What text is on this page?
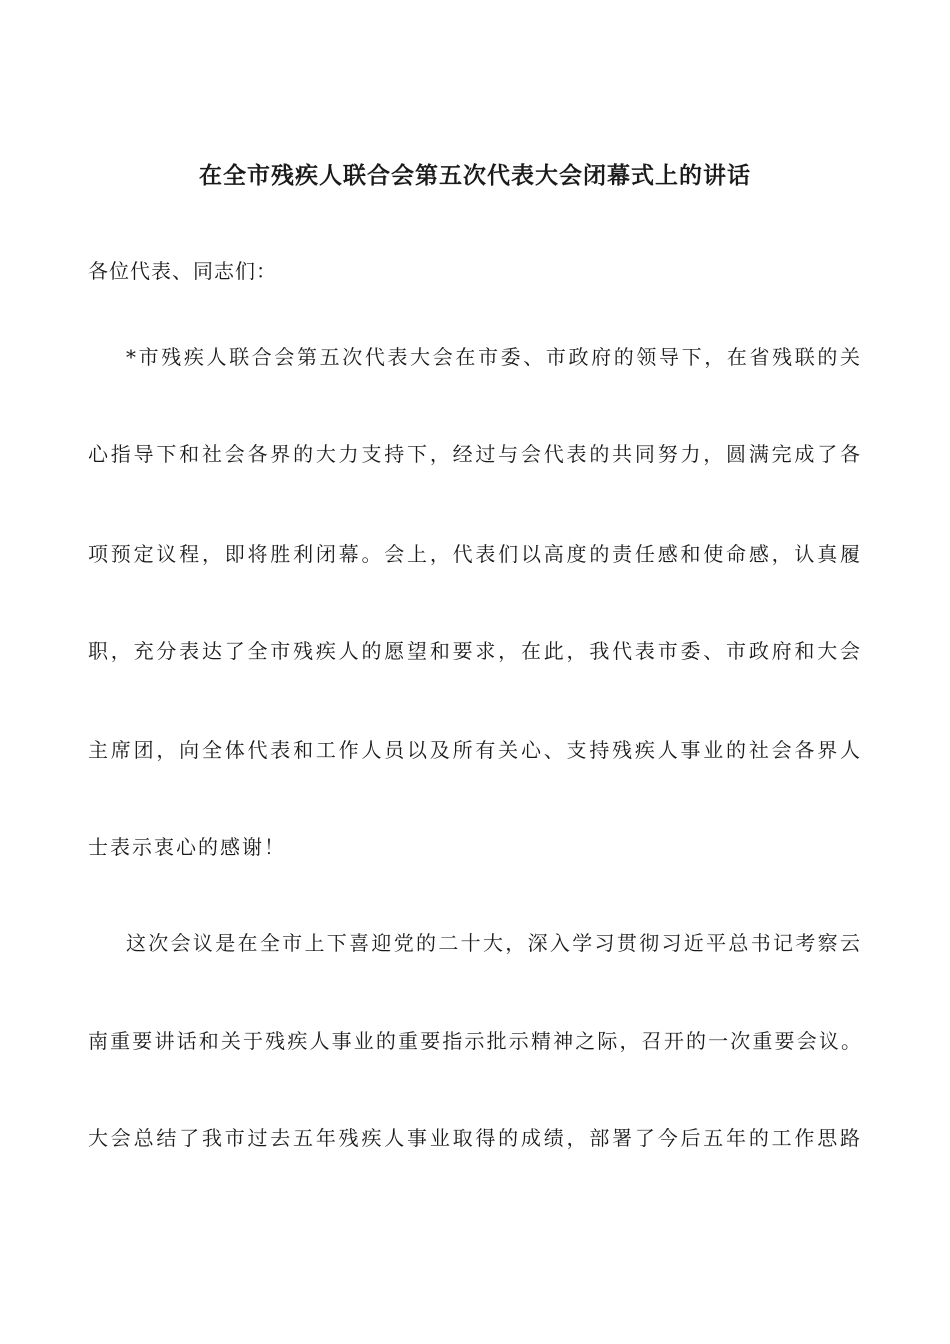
在全市残疾人联合会第五次代表大会闭幕式上的讲话
各位代表、同志们：
*市残疾人联合会第五次代表大会在市委、市政府的领导下，在省残联的关
心指导下和社会各界的大力支持下，经过与会代表的共同努力，圆满完成了各
项预定议程，即将胜利闭幕。会上，代表们以高度的责任感和使命感，认真履
职，充分表达了全市残疾人的愿望和要求，在此，我代表市委、市政府和大会
主席团，向全体代表和工作人员以及所有关心、支持残疾人事业的社会各界人
士表示衷心的感谢！
这次会议是在全市上下喜迎党的二十大，深入学习贯彻习近平总书记考察云
南重要讲话和关于残疾人事业的重要指示批示精神之际，召开的一次重要会议。
大会总结了我市过去五年残疾人事业取得的成绩，部署了今后五年的工作思路
